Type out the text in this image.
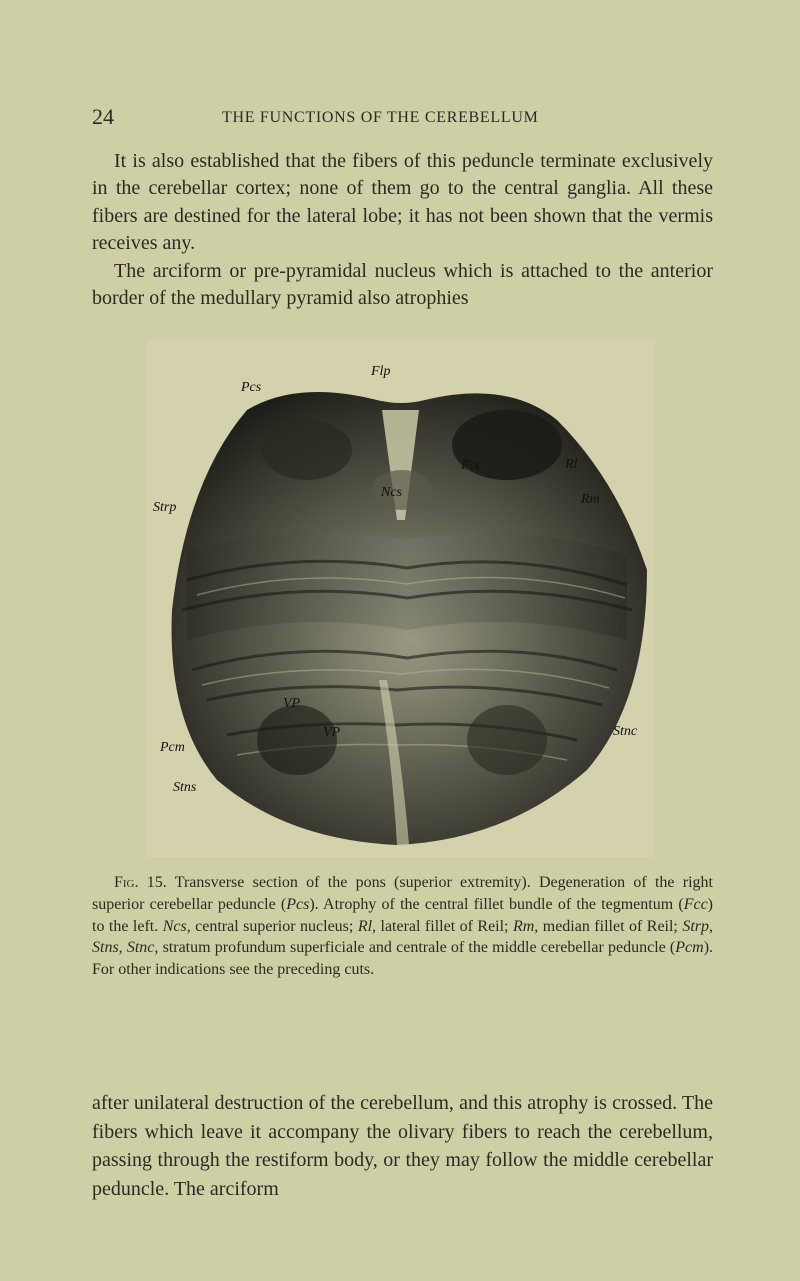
24	THE FUNCTIONS OF THE CEREBELLUM

It is also established that the fibers of this peduncle terminate exclusively in the cerebellar cortex; none of them go to the central ganglia. All these fibers are destined for the lateral lobe; it has not been shown that the vermis receives any.

The arciform or pre-pyramidal nucleus which is attached to the anterior border of the medullary pyramid also atrophies

Pcs
Flp
Rl
Fcc
Ncs
Strp
Rm
VP
VP	Stnc
Pcm
Stns

Fig. 15. Transverse section of the pons (superior extremity). Degeneration of the right superior cerebellar peduncle (Pcs). Atrophy of the central fillet bundle of the tegmentum (Fcc) to the left. Ncs, central superior nucleus; Rl, lateral fillet of Reil; Rm, median fillet of Reil; Strp, Stns, Stnc, stratum profundum superficiale and centrale of the middle cerebellar peduncle (Pcm). For other indications see the preceding cuts.

after unilateral destruction of the cerebellum, and this atrophy is crossed. The fibers which leave it accompany the olivary fibers to reach the cerebellum, passing through the restiform body, or they may follow the middle cerebellar peduncle. The arciform
